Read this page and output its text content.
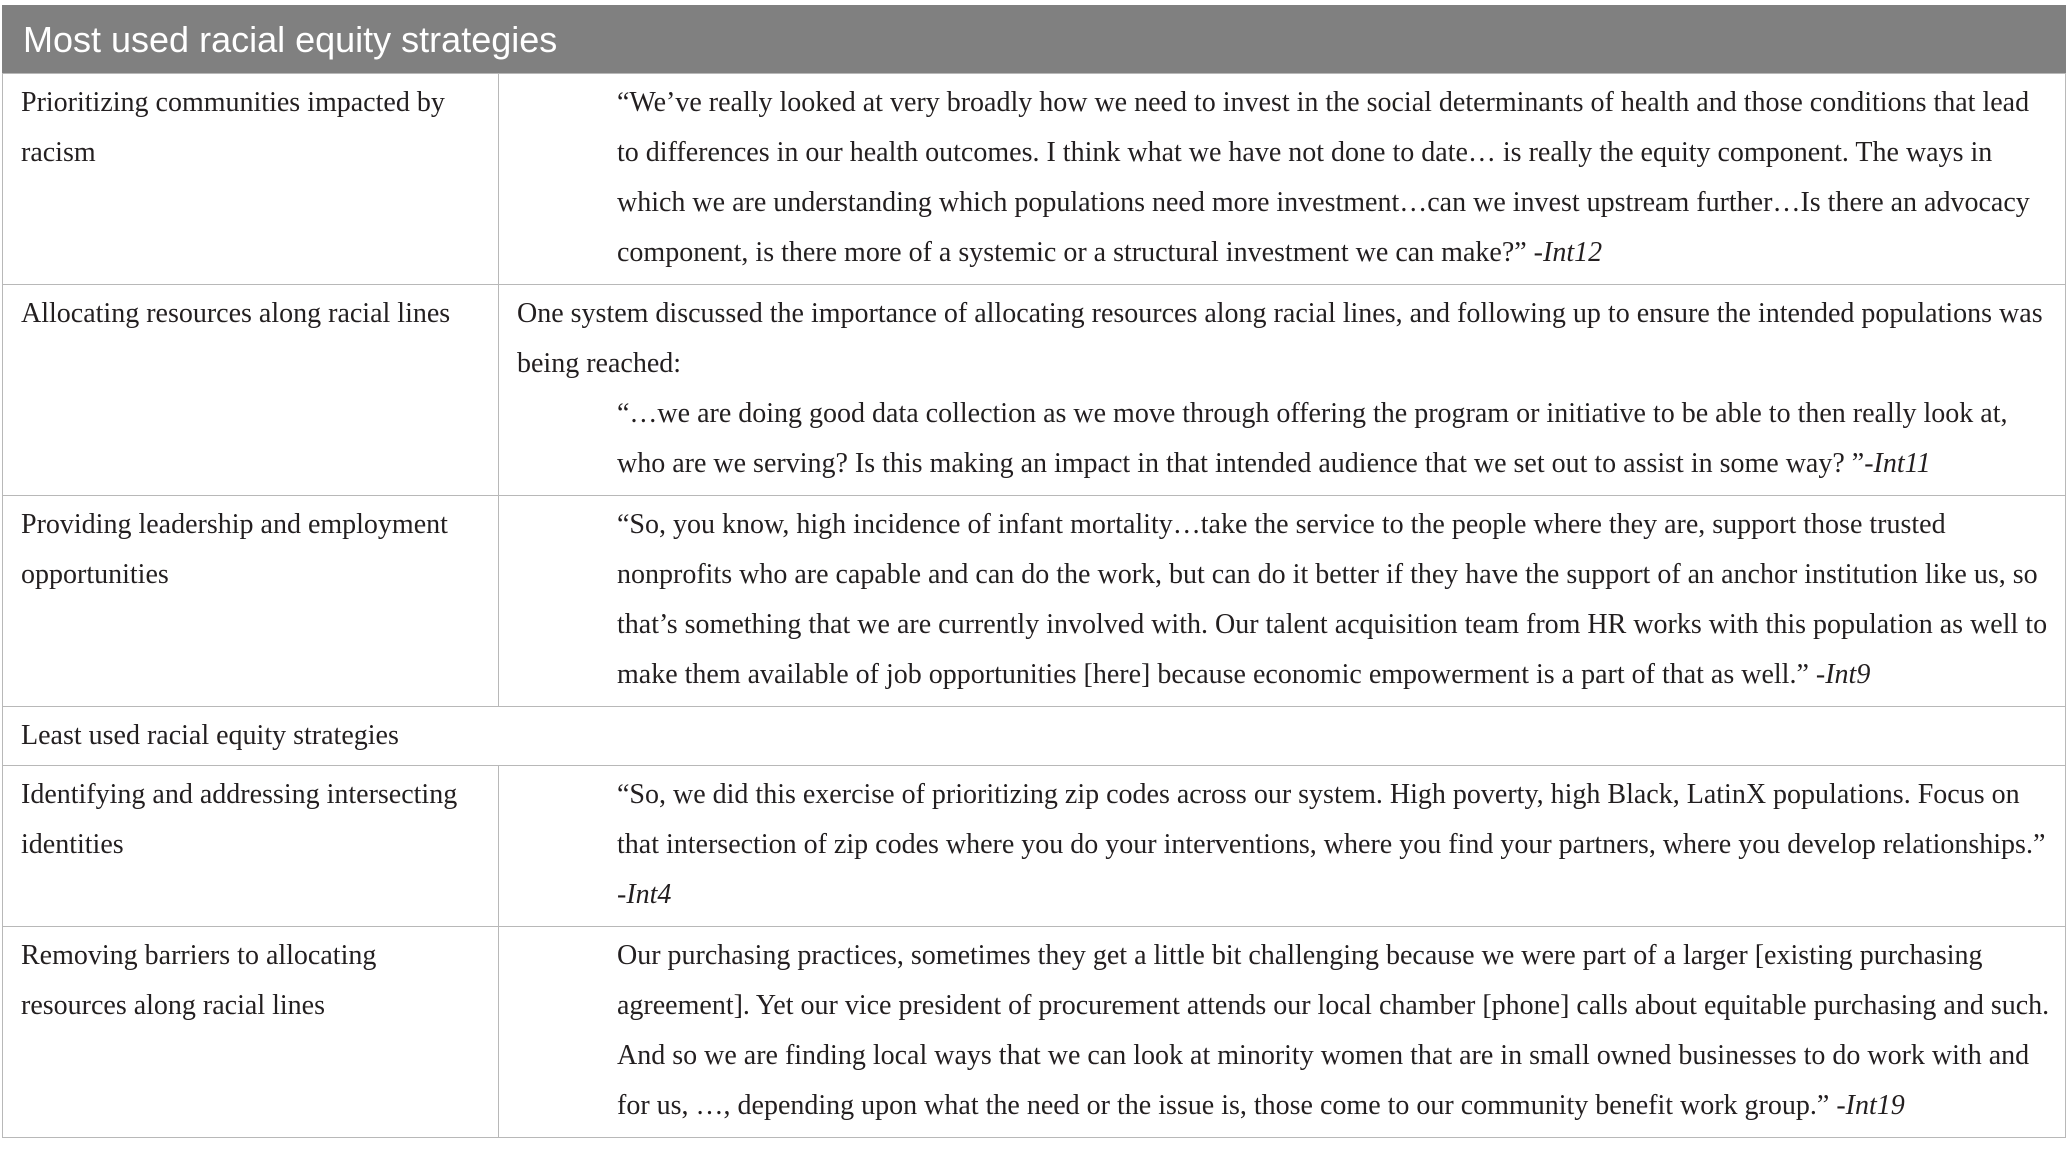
Most used racial equity strategies
Prioritizing communities impacted by racism	“We’ve really looked at very broadly how we need to invest in the social determinants of health and those conditions that lead to differences in our health outcomes. I think what we have not done to date… is really the equity component. The ways in which we are understanding which populations need more investment…can we invest upstream further…Is there an advocacy component, is there more of a systemic or a structural investment we can make?” -Int12

Allocating resources along racial lines	One system discussed the importance of allocating resources along racial lines, and following up to ensure the intended populations was being reached:
“…we are doing good data collection as we move through offering the program or initiative to be able to then really look at, who are we serving? Is this making an impact in that intended audience that we set out to assist in some way? ”-Int11

Providing leadership and employment opportunities	“So, you know, high incidence of infant mortality…take the service to the people where they are, support those trusted nonprofits who are capable and can do the work, but can do it better if they have the support of an anchor institution like us, so that’s something that we are currently involved with. Our talent acquisition team from HR works with this population as well to make them available of job opportunities [here] because economic empowerment is a part of that as well.” -Int9

Least used racial equity strategies	
Identifying and addressing intersecting identities	“So, we did this exercise of prioritizing zip codes across our system. High poverty, high Black, LatinX populations. Focus on that intersection of zip codes where you do your interventions, where you find your partners, where you develop relationships.” -Int4

Removing barriers to allocating resources along racial lines	Our purchasing practices, sometimes they get a little bit challenging because we were part of a larger [existing purchasing agreement]. Yet our vice president of procurement attends our local chamber [phone] calls about equitable purchasing and such. And so we are finding local ways that we can look at minority women that are in small owned businesses to do work with and for us, …, depending upon what the need or the issue is, those come to our community benefit work group.” -Int19
